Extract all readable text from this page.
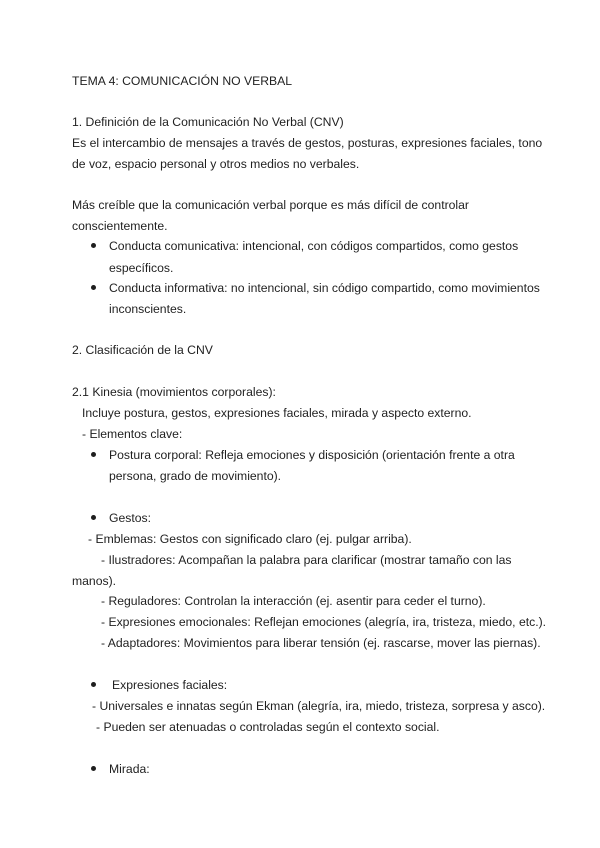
TEMA 4: COMUNICACIÓN NO VERBAL
1. Definición de la Comunicación No Verbal (CNV)
Es el intercambio de mensajes a través de gestos, posturas, expresiones faciales, tono
de voz, espacio personal y otros medios no verbales.
Más creíble que la comunicación verbal porque es más difícil de controlar
conscientemente.
Conducta comunicativa: intencional, con códigos compartidos, como gestos
específicos.
Conducta informativa: no intencional, sin código compartido, como movimientos
inconscientes.
2. Clasificación de la CNV
2.1 Kinesia (movimientos corporales):
Incluye postura, gestos, expresiones faciales, mirada y aspecto externo.
- Elementos clave:
Postura corporal: Refleja emociones y disposición (orientación frente a otra
persona, grado de movimiento).
Gestos:
- Emblemas: Gestos con significado claro (ej. pulgar arriba).
- Ilustradores: Acompañan la palabra para clarificar (mostrar tamaño con las
manos).
- Reguladores: Controlan la interacción (ej. asentir para ceder el turno).
- Expresiones emocionales: Reflejan emociones (alegría, ira, tristeza, miedo, etc.).
- Adaptadores: Movimientos para liberar tensión (ej. rascarse, mover las piernas).
Expresiones faciales:
- Universales e innatas según Ekman (alegría, ira, miedo, tristeza, sorpresa y asco).
- Pueden ser atenuadas o controladas según el contexto social.
Mirada:
